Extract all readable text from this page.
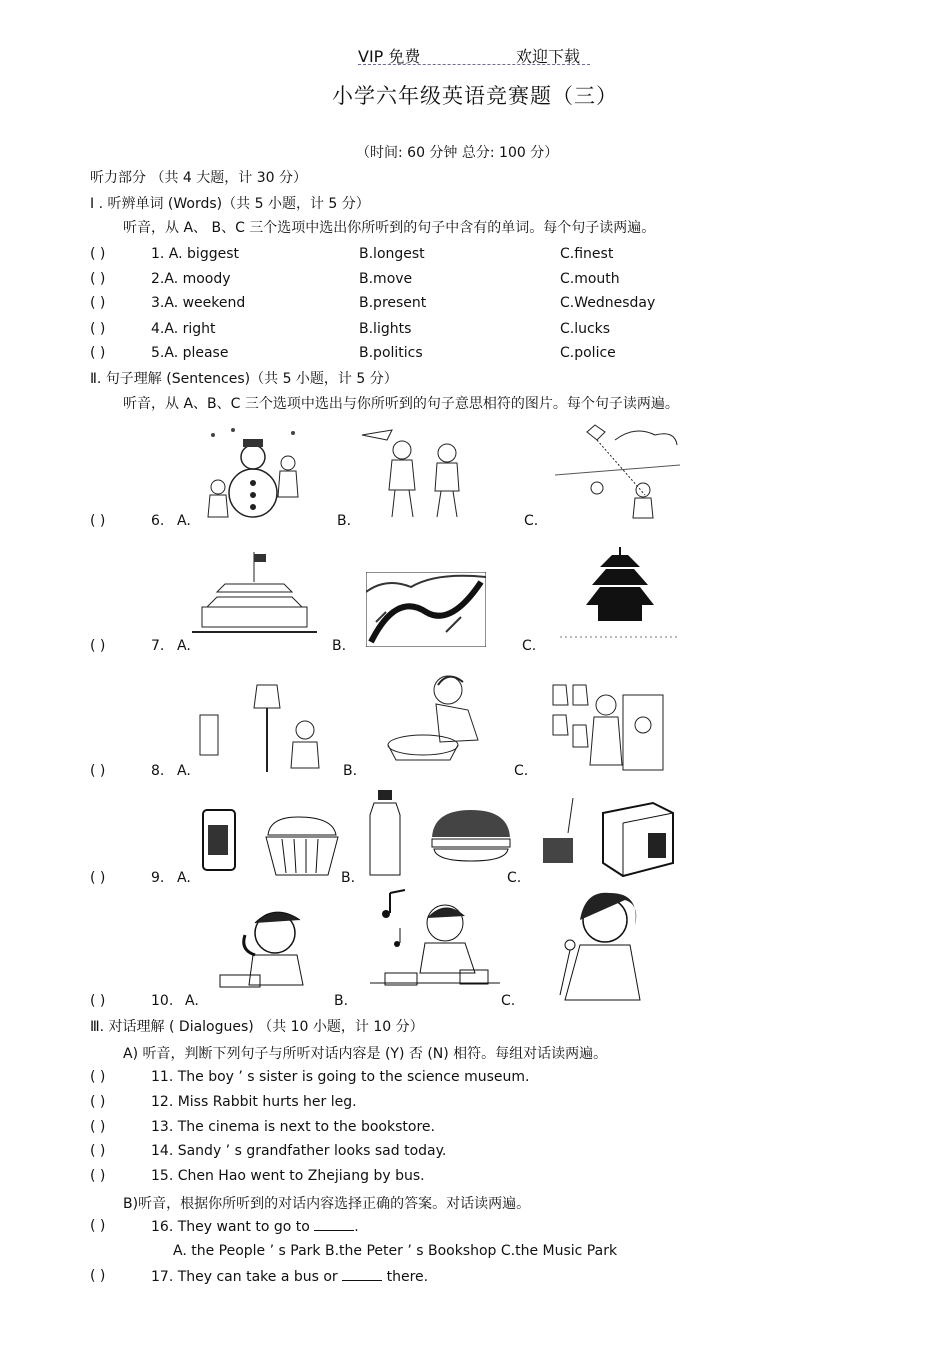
VIP 免费	欢迎下载
小学六年级英语竞赛题（三）
（时间: 60 分钟 总分: 100 分）
听力部分 （共 4 大题，计 30 分）
I . 听辨单词 (Words)（共 5 小题，计 5 分）
听音，从 A、 B、C 三个选项中选出你所听到的句子中含有的单词。每个句子读两遍。
( )	1. A. biggest	B.longest	C.finest
( )	2.A. moody	B.move	C.mouth
( )	3.A. weekend	B.present	C.Wednesday
( )	4.A. right	B.lights	C.lucks
( )	5.A. please	B.politics	C.police
Ⅱ. 句子理解 (Sentences)（共 5 小题，计 5 分）
听音，从 A、B、C 三个选项中选出与你所听到的句子意思相符的图片。每个句子读两遍。
( )	6. A.	B.	C.
( )	7. A.	B.	C.
( )	8. A.	B.	C.
( )	9. A.	B.	C.
( )	10. A.	B.	C.
Ⅲ. 对话理解 ( Dialogues) （共 10 小题，计 10 分）
A) 听音，判断下列句子与所听对话内容是 (Y) 否 (N) 相符。每组对话读两遍。
( )	11. The boy ’ s sister is going to the science museum.
( )	12. Miss Rabbit hurts her leg.
( )	13. The cinema is next to the bookstore.
( )	14. Sandy ’ s grandfather looks sad today.
( )	15. Chen Hao went to Zhejiang by bus.
B)听音，根据你所听到的对话内容选择正确的答案。对话读两遍。
( )	16. They want to go to	.
A. the People ’ s Park B.the Peter ’ s Bookshop C.the Music Park
( )	17. They can take a bus or	there.
